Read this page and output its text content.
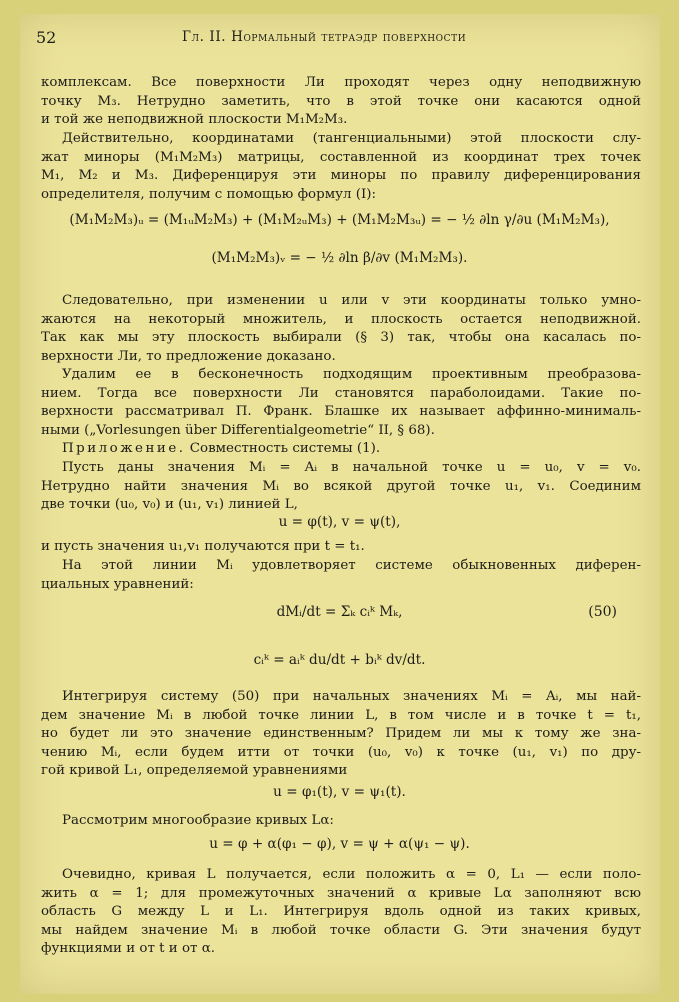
52	Гл. II. Нормальный тетраэдр поверхности
комплексам. Все поверхности Ли проходят через одну неподвижную
точку M₃. Нетрудно заметить, что в этой точке они касаются одной
и той же неподвижной плоскости M₁M₂M₃.
Действительно, координатами (тангенциальными) этой плоскости слу-
жат миноры (M₁M₂M₃) матрицы, составленной из координат трех точек
M₁, M₂ и M₃. Диференцируя эти миноры по правилу диференцирования
определителя, получим с помощью формул (I):
(M₁M₂M₃)ᵤ = (M₁ᵤM₂M₃) + (M₁M₂ᵤM₃) + (M₁M₂M₃ᵤ) = − ½ ∂ln γ/∂u (M₁M₂M₃),
(M₁M₂M₃)ᵥ = − ½ ∂ln β/∂v (M₁M₂M₃).
Следовательно, при изменении u или v эти координаты только умно-
жаются на некоторый множитель, и плоскость остается неподвижной.
Так как мы эту плоскость выбирали (§ 3) так, чтобы она касалась по-
верхности Ли, то предложение доказано.
Удалим ее в бесконечность подходящим проективным преобразова-
нием. Тогда все поверхности Ли становятся параболоидами. Такие по-
верхности рассматривал П. Франк. Блашке их называет аффинно-минималь-
ными („Vorlesungen über Differentialgeometrie“ II, § 68).
Приложение. Совместность системы (1).
Пусть даны значения Mᵢ = Aᵢ в начальной точке u = u₀, v = v₀.
Нетрудно найти значения Mᵢ во всякой другой точке u₁, v₁. Соединим
две точки (u₀, v₀) и (u₁, v₁) линией L,
u = φ(t), v = ψ(t),
и пусть значения u₁,v₁ получаются при t = t₁.
На этой линии Mᵢ удовлетворяет системе обыкновенных диферен-
циальных уравнений:
dMᵢ/dt = Σₖ cᵢᵏ Mₖ,	(50)
cᵢᵏ = aᵢᵏ du/dt + bᵢᵏ dv/dt.
Интегрируя систему (50) при начальных значениях Mᵢ = Aᵢ, мы най-
дем значение Mᵢ в любой точке линии L, в том числе и в точке t = t₁,
но будет ли это значение единственным? Придем ли мы к тому же зна-
чению Mᵢ, если будем итти от точки (u₀, v₀) к точке (u₁, v₁) по дру-
гой кривой L₁, определяемой уравнениями
u = φ₁(t), v = ψ₁(t).
Рассмотрим многообразие кривых Lα:
u = φ + α(φ₁ − φ), v = ψ + α(ψ₁ − ψ).
Очевидно, кривая L получается, если положить α = 0, L₁ — если поло-
жить α = 1; для промежуточных значений α кривые Lα заполняют всю
область G между L и L₁. Интегрируя вдоль одной из таких кривых,
мы найдем значение Mᵢ в любой точке области G. Эти значения будут
функциями и от t и от α.
